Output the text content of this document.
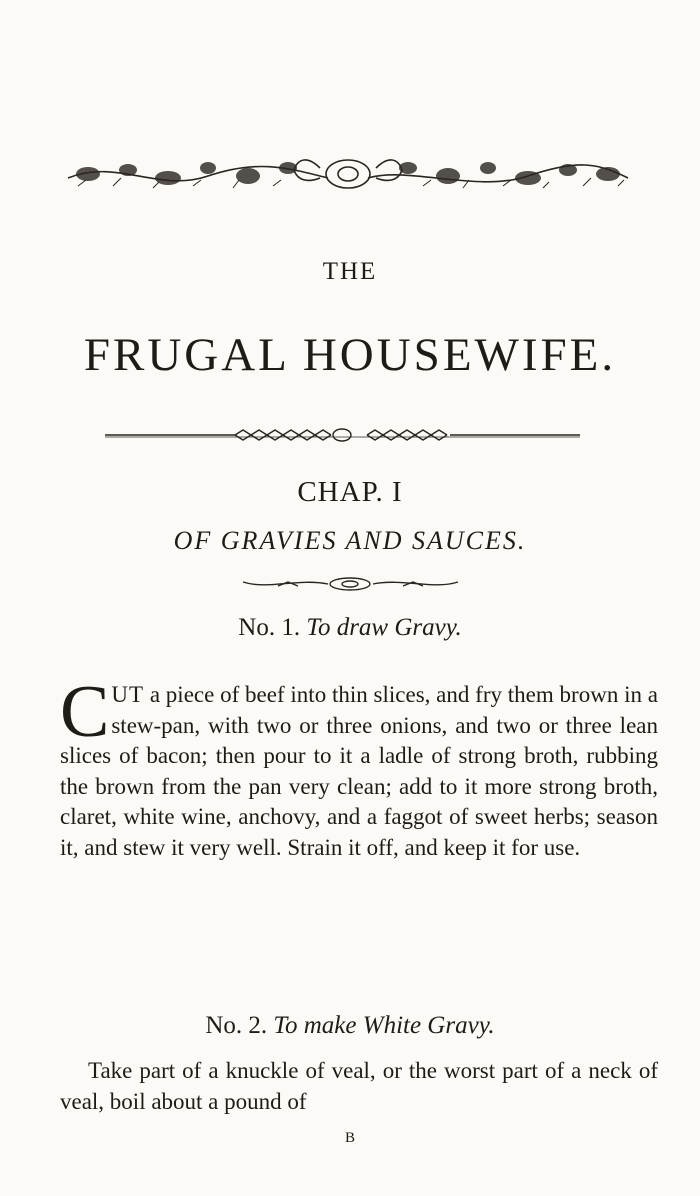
THE
FRUGAL HOUSEWIFE.
CHAP. I
OF GRAVIES AND SAUCES.
No. 1. To draw Gravy.
CUT a piece of beef into thin slices, and fry them brown in a stew-pan, with two or three onions, and two or three lean slices of bacon; then pour to it a ladle of strong broth, rubbing the brown from the pan very clean; add to it more strong broth, claret, white wine, anchovy, and a faggot of sweet herbs; season it, and stew it very well. Strain it off, and keep it for use.
No. 2. To make White Gravy.
Take part of a knuckle of veal, or the worst part of a neck of veal, boil about a pound of
B
